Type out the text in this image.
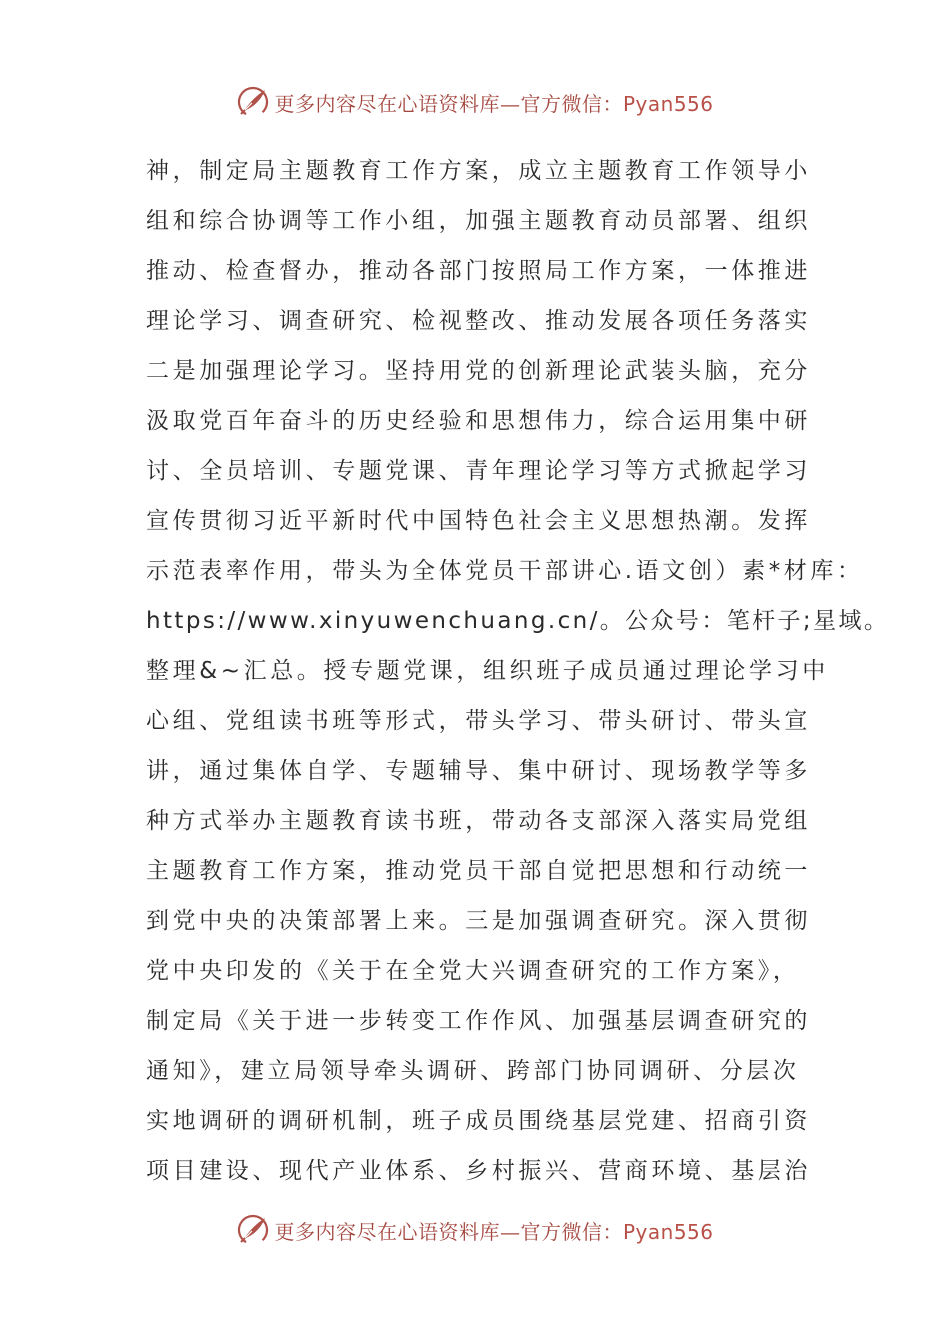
更多内容尽在心语资料库—官方微信：Pyan556
神，制定局主题教育工作方案，成立主题教育工作领导小
组和综合协调等工作小组，加强主题教育动员部署、组织
推动、检查督办，推动各部门按照局工作方案，一体推进
理论学习、调查研究、检视整改、推动发展各项任务落实
二是加强理论学习。坚持用党的创新理论武装头脑，充分
汲取党百年奋斗的历史经验和思想伟力，综合运用集中研
讨、全员培训、专题党课、青年理论学习等方式掀起学习
宣传贯彻习近平新时代中国特色社会主义思想热潮。发挥
示范表率作用，带头为全体党员干部讲心.语文创）素*材库：
https://www.xinyuwenchuang.cn/。公众号：笔杆子;星域。
整理&~汇总。授专题党课，组织班子成员通过理论学习中
心组、党组读书班等形式，带头学习、带头研讨、带头宣
讲，通过集体自学、专题辅导、集中研讨、现场教学等多
种方式举办主题教育读书班，带动各支部深入落实局党组
主题教育工作方案，推动党员干部自觉把思想和行动统一
到党中央的决策部署上来。三是加强调查研究。深入贯彻
党中央印发的《关于在全党大兴调查研究的工作方案》，
制定局《关于进一步转变工作作风、加强基层调查研究的
通知》，建立局领导牵头调研、跨部门协同调研、分层次
实地调研的调研机制，班子成员围绕基层党建、招商引资
项目建设、现代产业体系、乡村振兴、营商环境、基层治
更多内容尽在心语资料库—官方微信：Pyan556
